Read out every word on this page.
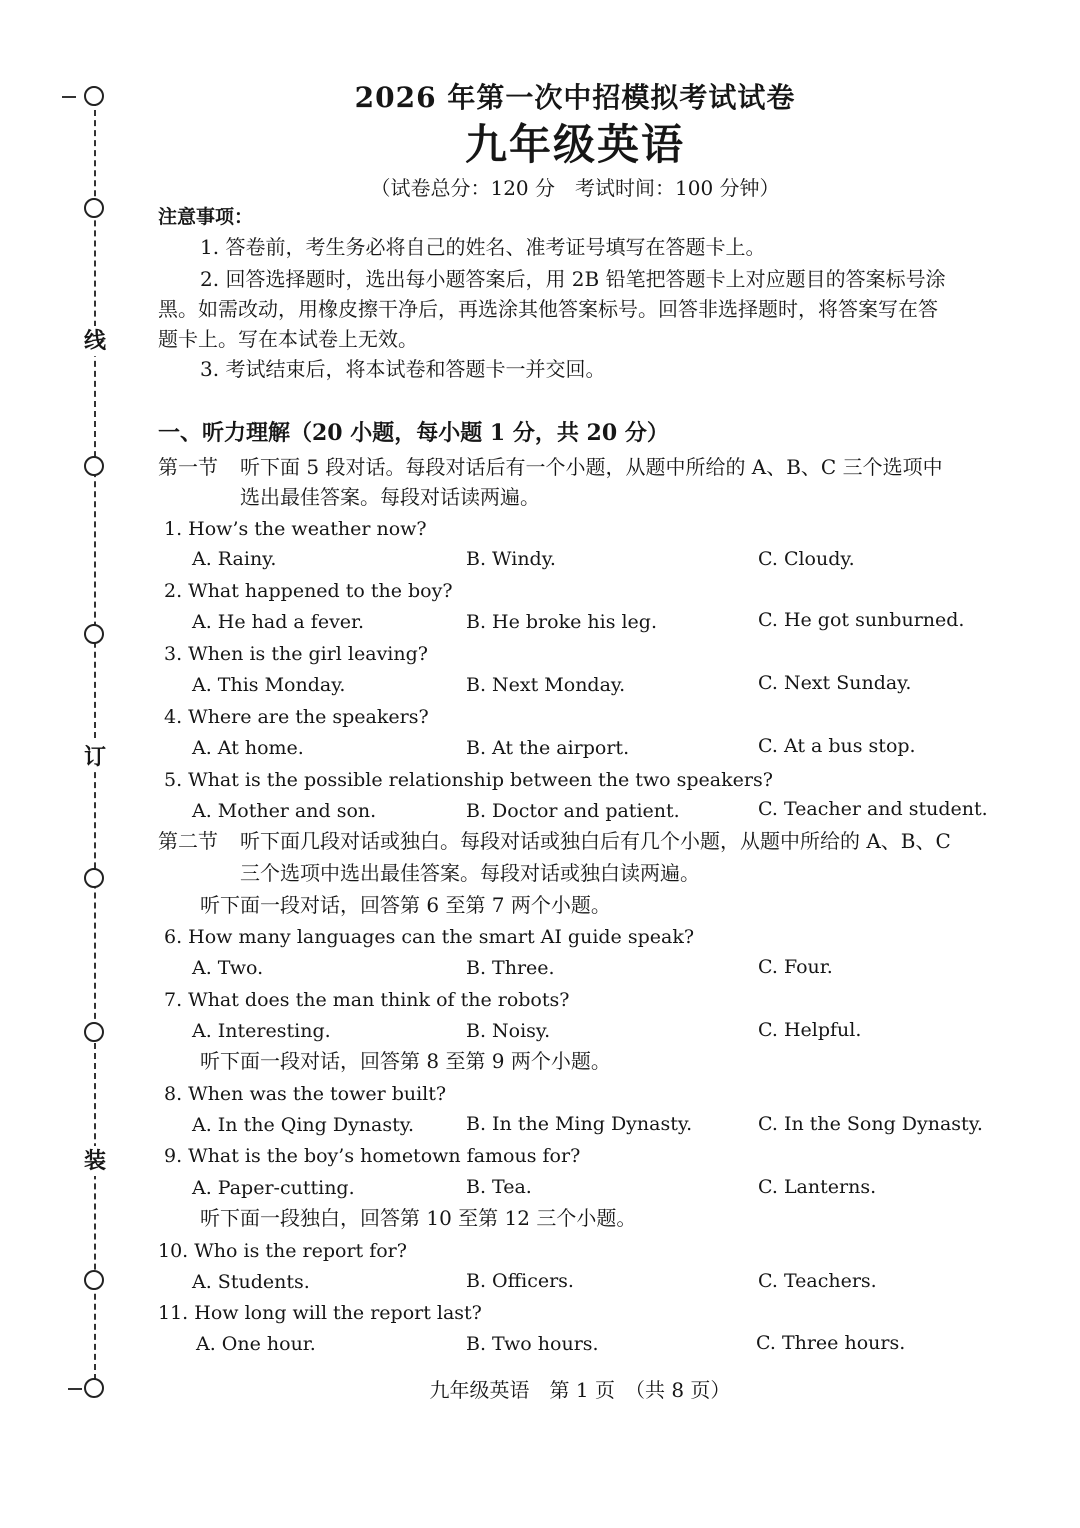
线
订
装
2026 年第一次中招模拟考试试卷
九年级英语
（试卷总分：120 分　考试时间：100 分钟）
注意事项：
1. 答卷前，考生务必将自己的姓名、准考证号填写在答题卡上。
2. 回答选择题时，选出每小题答案后，用 2B 铅笔把答题卡上对应题目的答案标号涂
黑。如需改动，用橡皮擦干净后，再选涂其他答案标号。回答非选择题时，将答案写在答
题卡上。写在本试卷上无效。
3. 考试结束后，将本试卷和答题卡一并交回。
一、听力理解（20 小题，每小题 1 分，共 20 分）
第一节 听下面 5 段对话。每段对话后有一个小题，从题中所给的 A、B、C 三个选项中
选出最佳答案。每段对话读两遍。
1. How’s the weather now?
A. Rainy.	B. Windy.	C. Cloudy.
2. What happened to the boy?
A. He had a fever.	B. He broke his leg.	C. He got sunburned.
3. When is the girl leaving?
A. This Monday.	B. Next Monday.	C. Next Sunday.
4. Where are the speakers?
A. At home.	B. At the airport.	C. At a bus stop.
5. What is the possible relationship between the two speakers?
A. Mother and son.	B. Doctor and patient.	C. Teacher and student.
第二节 听下面几段对话或独白。每段对话或独白后有几个小题，从题中所给的 A、B、C
三个选项中选出最佳答案。每段对话或独白读两遍。
听下面一段对话，回答第 6 至第 7 两个小题。
6. How many languages can the smart AI guide speak?
A. Two.	B. Three.	C. Four.
7. What does the man think of the robots?
A. Interesting.	B. Noisy.	C. Helpful.
听下面一段对话，回答第 8 至第 9 两个小题。
8. When was the tower built?
A. In the Qing Dynasty.	B. In the Ming Dynasty.	C. In the Song Dynasty.
9. What is the boy’s hometown famous for?
A. Paper-cutting.	B. Tea.	C. Lanterns.
听下面一段独白，回答第 10 至第 12 三个小题。
10. Who is the report for?
A. Students.	B. Officers.	C. Teachers.
11. How long will the report last?
A. One hour.	B. Two hours.	C. Three hours.
九年级英语　第 1 页　（共 8 页）
